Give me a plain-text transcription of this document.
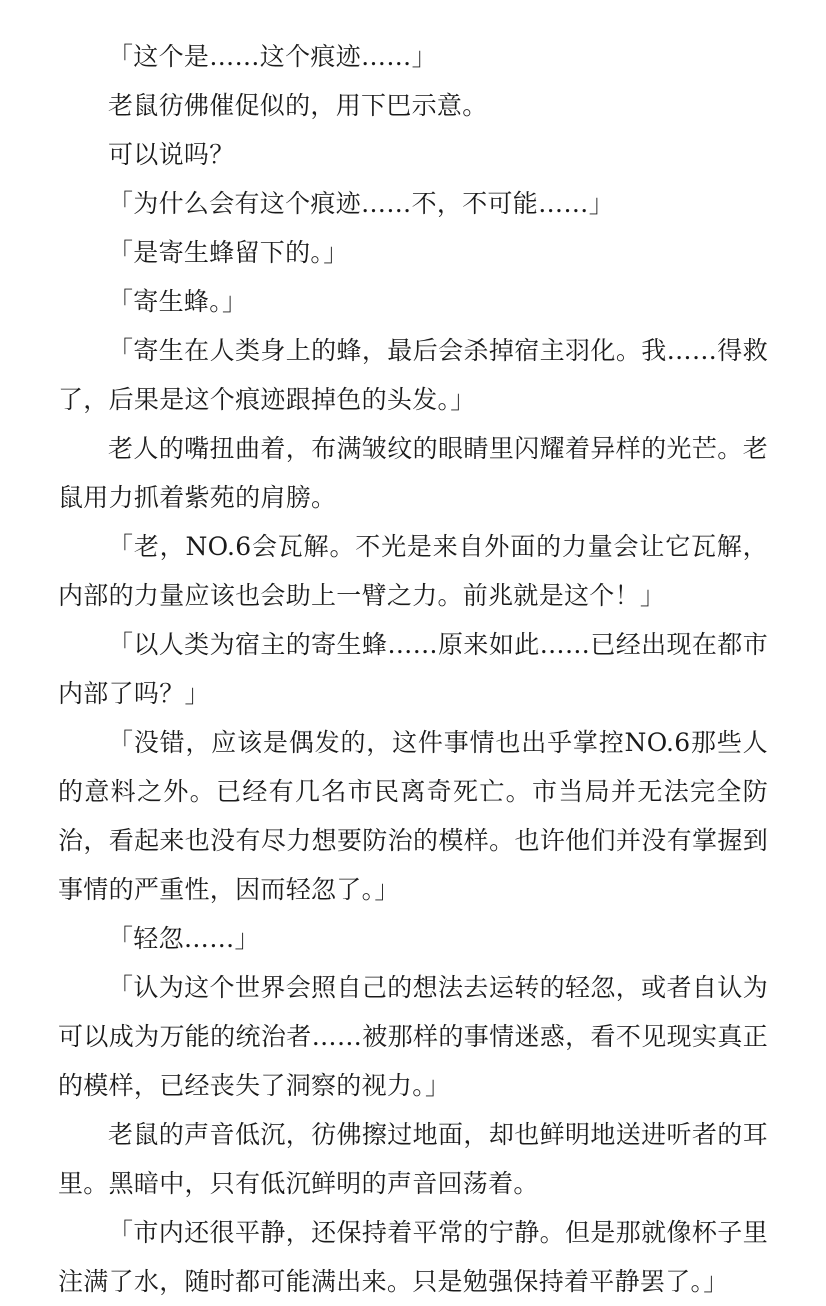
「这个是……这个痕迹……」

老鼠彷佛催促似的，用下巴示意。

可以说吗？

「为什么会有这个痕迹……不，不可能……」

「是寄生蜂留下的。」

「寄生蜂。」

「寄生在人类身上的蜂，最后会杀掉宿主羽化。我……得救了，后果是这个痕迹跟掉色的头发。」

老人的嘴扭曲着，布满皱纹的眼睛里闪耀着异样的光芒。老鼠用力抓着紫苑的肩膀。

「老，NO.6会瓦解。不光是来自外面的力量会让它瓦解，内部的力量应该也会助上一臂之力。前兆就是这个！」

「以人类为宿主的寄生蜂……原来如此……已经出现在都市内部了吗？」

「没错，应该是偶发的，这件事情也出乎掌控NO.6那些人的意料之外。已经有几名市民离奇死亡。市当局并无法完全防治，看起来也没有尽力想要防治的模样。也许他们并没有掌握到事情的严重性，因而轻忽了。」

「轻忽……」

「认为这个世界会照自己的想法去运转的轻忽，或者自认为可以成为万能的统治者……被那样的事情迷惑，看不见现实真正的模样，已经丧失了洞察的视力。」

老鼠的声音低沉，彷佛擦过地面，却也鲜明地送进听者的耳里。黑暗中，只有低沉鲜明的声音回荡着。

「市内还很平静，还保持着平常的宁静。但是那就像杯子里注满了水，随时都可能满出来。只是勉强保持着平静罢了。」
